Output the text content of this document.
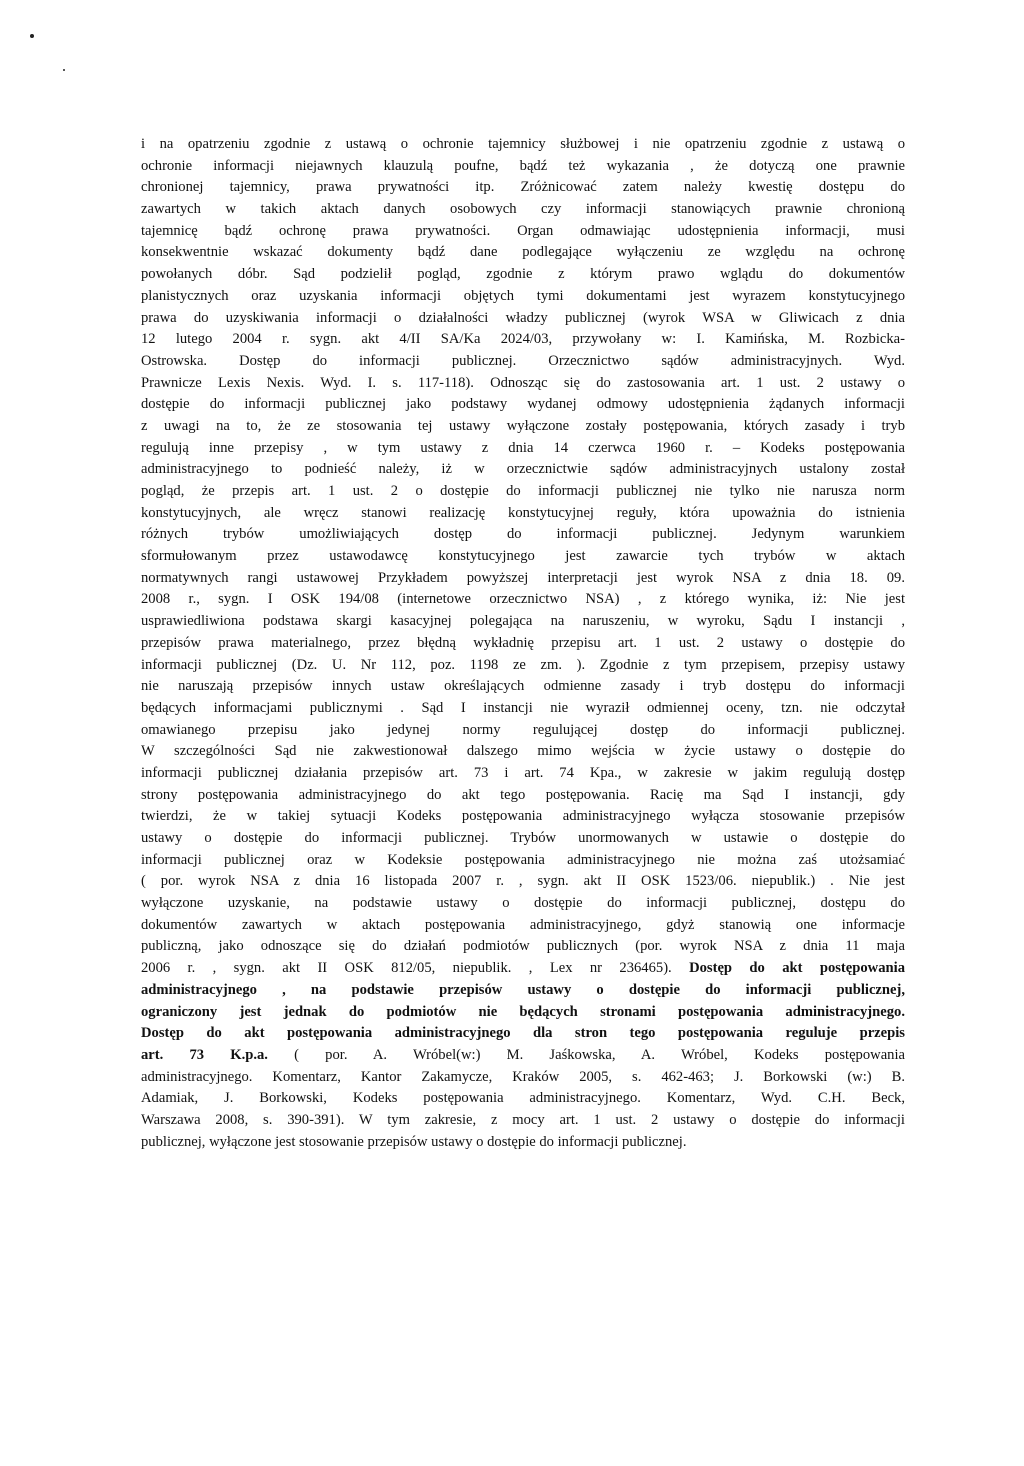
i na opatrzeniu zgodnie z ustawą o ochronie tajemnicy służbowej i nie opatrzeniu zgodnie z ustawą o
ochronie informacji niejawnych klauzulą poufne, bądź też wykazania , że dotyczą one prawnie
chronionej tajemnicy, prawa prywatności itp. Zróżnicować zatem należy kwestię dostępu do
zawartych w takich aktach danych osobowych czy informacji stanowiących prawnie chronioną
tajemnicę bądź ochronę prawa prywatności. Organ odmawiając udostępnienia informacji, musi
konsekwentnie wskazać dokumenty bądź dane podlegające wyłączeniu ze względu na ochronę
powołanych dóbr. Sąd podzielił pogląd, zgodnie z którym prawo wglądu do dokumentów
planistycznych oraz uzyskania informacji objętych tymi dokumentami jest wyrazem konstytucyjnego
prawa do uzyskiwania informacji o działalności władzy publicznej (wyrok WSA w Gliwicach z dnia
12 lutego 2004 r. sygn. akt 4/II SA/Ka 2024/03, przywołany w: I. Kamińska, M. Rozbicka-
Ostrowska. Dostęp do informacji publicznej. Orzecznictwo sądów administracyjnych. Wyd.
Prawnicze Lexis Nexis. Wyd. I. s. 117-118). Odnosząc się do zastosowania art. 1 ust. 2 ustawy o
dostępie do informacji publicznej jako podstawy wydanej odmowy udostępnienia żądanych informacji
z uwagi na to, że ze stosowania tej ustawy wyłączone zostały postępowania, których zasady i tryb
regulują inne przepisy , w tym ustawy z dnia 14 czerwca 1960 r. – Kodeks postępowania
administracyjnego to podnieść należy, iż w orzecznictwie sądów administracyjnych ustalony został
pogląd, że przepis art. 1 ust. 2 o dostępie do informacji publicznej nie tylko nie narusza norm
konstytucyjnych, ale wręcz stanowi realizację konstytucyjnej reguły, która upoważnia do istnienia
różnych trybów umożliwiających dostęp do informacji publicznej. Jedynym warunkiem
sformułowanym przez ustawodawcę konstytucyjnego jest zawarcie tych trybów w aktach
normatywnych rangi ustawowej Przykładem powyższej interpretacji jest wyrok NSA z dnia 18. 09.
2008 r., sygn. I OSK 194/08 (internetowe orzecznictwo NSA) , z którego wynika, iż: Nie jest
usprawiedliwiona podstawa skargi kasacyjnej polegająca na naruszeniu, w wyroku, Sądu I instancji ,
przepisów prawa materialnego, przez błędną wykładnię przepisu art. 1 ust. 2 ustawy o dostępie do
informacji publicznej (Dz. U. Nr 112, poz. 1198 ze zm. ). Zgodnie z tym przepisem, przepisy ustawy
nie naruszają przepisów innych ustaw określających odmienne zasady i tryb dostępu do informacji
będących informacjami publicznymi . Sąd I instancji nie wyraził odmiennej oceny, tzn. nie odczytał
omawianego przepisu jako jedynej normy regulującej dostęp do informacji publicznej.
W szczególności Sąd nie zakwestionował dalszego mimo wejścia w życie ustawy o dostępie do
informacji publicznej działania przepisów art. 73 i art. 74 Kpa., w zakresie w jakim regulują dostęp
strony postępowania administracyjnego do akt tego postępowania. Racię ma Sąd I instancji, gdy
twierdzi, że w takiej sytuacji Kodeks postępowania administracyjnego wyłącza stosowanie przepisów
ustawy o dostępie do informacji publicznej. Trybów unormowanych w ustawie o dostępie do
informacji publicznej oraz w Kodeksie postępowania administracyjnego nie można zaś utożsamiać
( por. wyrok NSA z dnia 16 listopada 2007 r. , sygn. akt II OSK 1523/06. niepublik.) . Nie jest
wyłączone uzyskanie, na podstawie ustawy o dostępie do informacji publicznej, dostępu do
dokumentów zawartych w aktach postępowania administracyjnego, gdyż stanowią one informacje
publiczną, jako odnoszące się do działań podmiotów publicznych (por. wyrok NSA z dnia 11 maja
2006 r. , sygn. akt II OSK 812/05, niepublik. , Lex nr 236465). Dostęp do akt postępowania
administracyjnego , na podstawie przepisów ustawy o dostępie do informacji publicznej,
ograniczony jest jednak do podmiotów nie będących stronami postępowania administracyjnego.
Dostęp do akt postępowania administracyjnego dla stron tego postępowania reguluje przepis
art. 73 K.p.a. ( por. A. Wróbel(w:) M. Jaśkowska, A. Wróbel, Kodeks postępowania
administracyjnego. Komentarz, Kantor Zakamycze, Kraków 2005, s. 462-463; J. Borkowski (w:) B.
Adamiak, J. Borkowski, Kodeks postępowania administracyjnego. Komentarz, Wyd. C.H. Beck,
Warszawa 2008, s. 390-391). W tym zakresie, z mocy art. 1 ust. 2 ustawy o dostępie do informacji
publicznej, wyłączone jest stosowanie przepisów ustawy o dostępie do informacji publicznej.
